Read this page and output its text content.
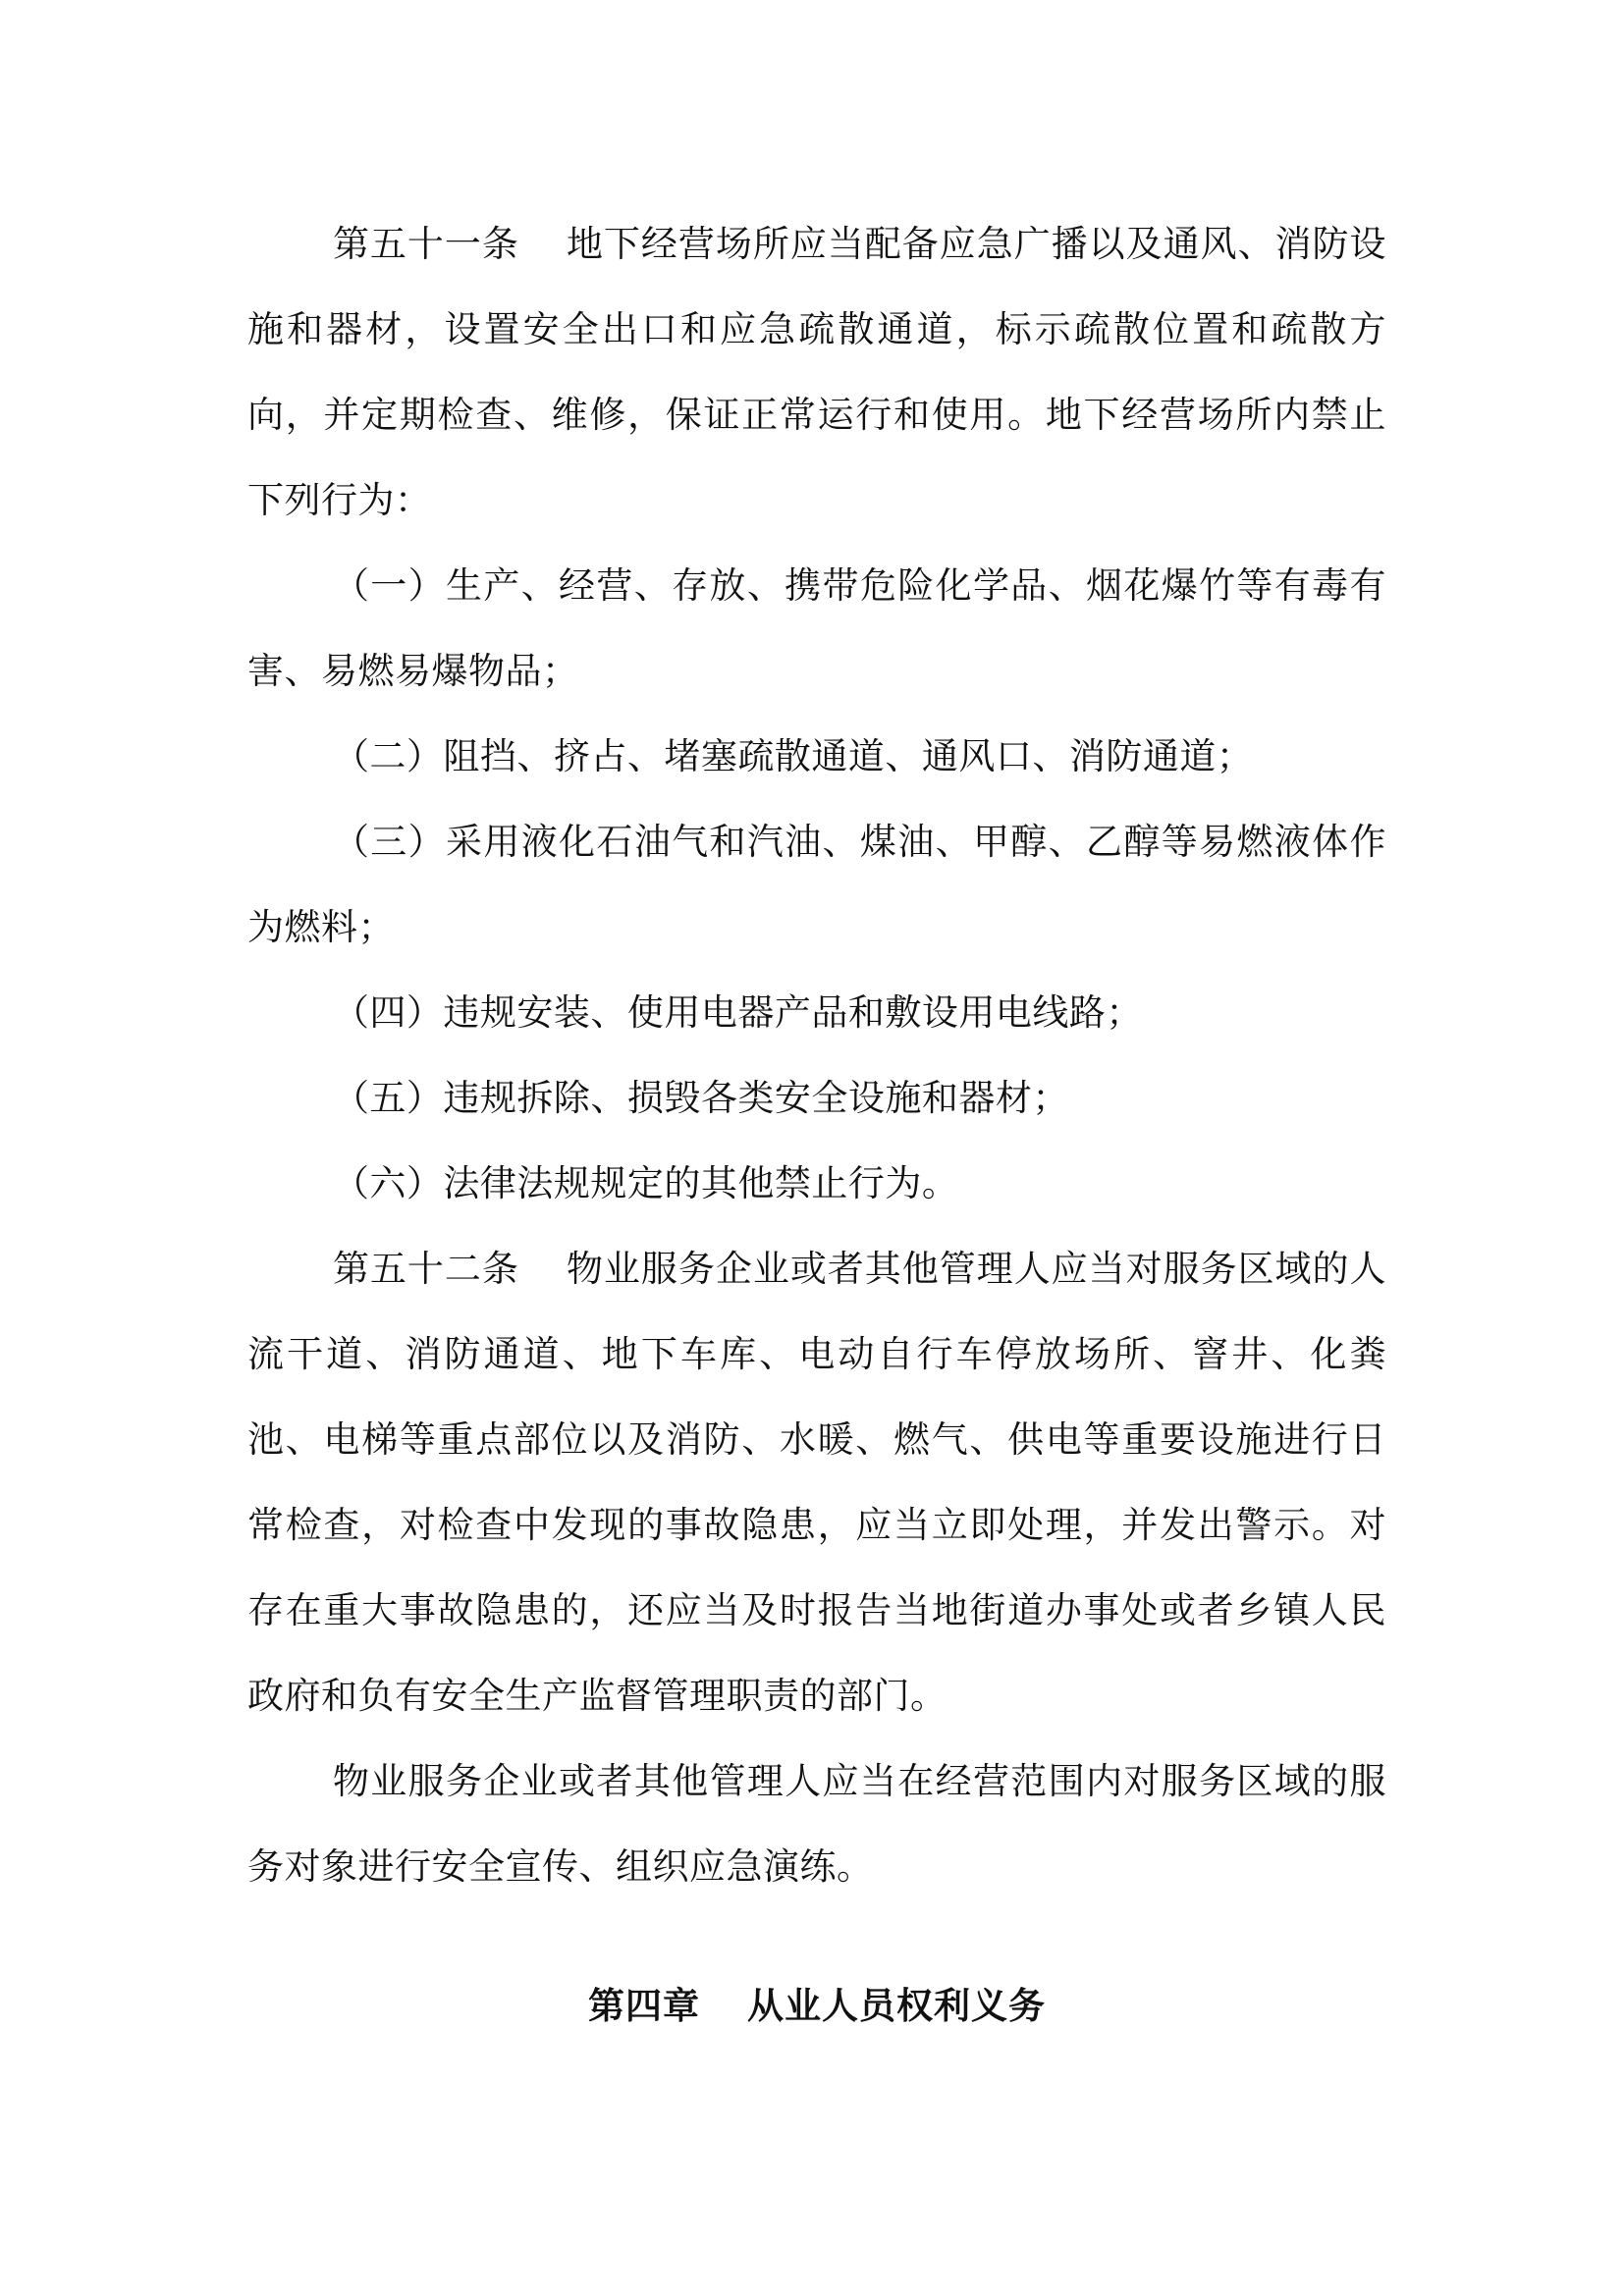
第五十一条 地下经营场所应当配备应急广播以及通风、消防设施和器材，设置安全出口和应急疏散通道，标示疏散位置和疏散方向，并定期检查、维修，保证正常运行和使用。地下经营场所内禁止下列行为：

（一）生产、经营、存放、携带危险化学品、烟花爆竹等有毒有害、易燃易爆物品；

（二）阻挡、挤占、堵塞疏散通道、通风口、消防通道；

（三）采用液化石油气和汽油、煤油、甲醇、乙醇等易燃液体作为燃料；

（四）违规安装、使用电器产品和敷设用电线路；

（五）违规拆除、损毁各类安全设施和器材；

（六）法律法规规定的其他禁止行为。

第五十二条 物业服务企业或者其他管理人应当对服务区域的人流干道、消防通道、地下车库、电动自行车停放场所、窨井、化粪池、电梯等重点部位以及消防、水暖、燃气、供电等重要设施进行日常检查，对检查中发现的事故隐患，应当立即处理，并发出警示。对存在重大事故隐患的，还应当及时报告当地街道办事处或者乡镇人民政府和负有安全生产监督管理职责的部门。

物业服务企业或者其他管理人应当在经营范围内对服务区域的服务对象进行安全宣传、组织应急演练。

第四章 从业人员权利义务
